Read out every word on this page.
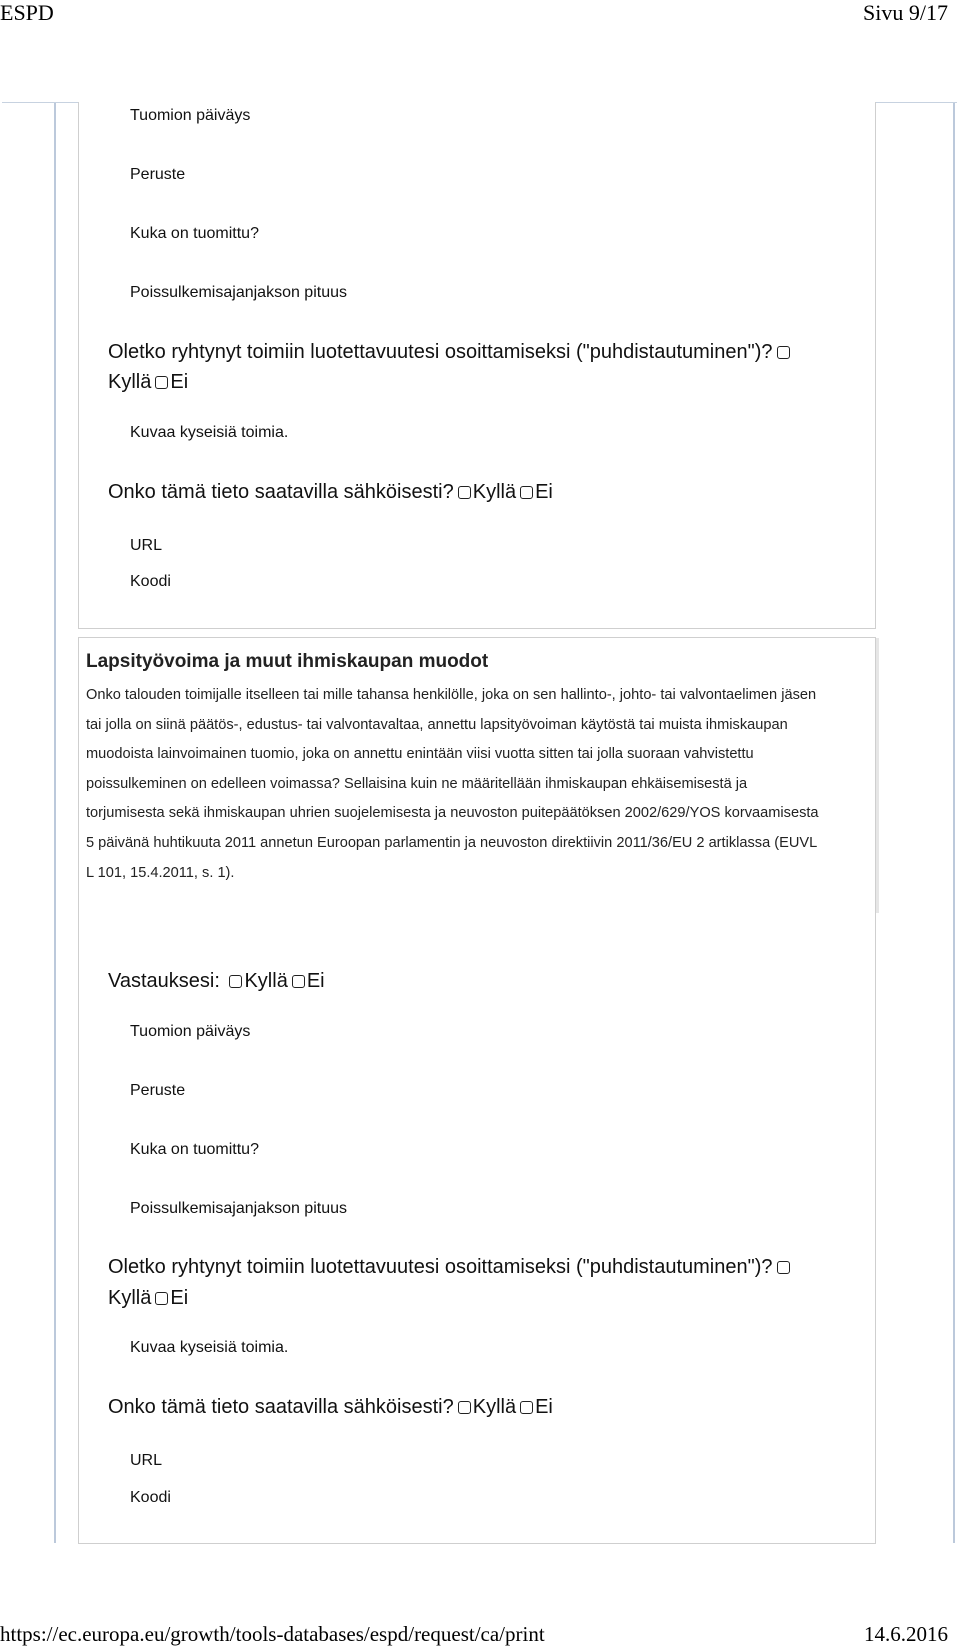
ESPD	Sivu 9/17
https://ec.europa.eu/growth/tools-databases/espd/request/ca/print	14.6.2016
Tuomion päiväys
Peruste
Kuka on tuomittu?
Poissulkemisajanjakson pituus
Oletko ryhtynyt toimiin luotettavuutesi osoittamiseksi ("puhdistautuminen")?
Kyllä Ei
Kuvaa kyseisiä toimia.
Onko tämä tieto saatavilla sähköisesti? Kyllä Ei
URL
Koodi
Lapsityövoima ja muut ihmiskaupan muodot
Onko talouden toimijalle itselleen tai mille tahansa henkilölle, joka on sen hallinto-, johto- tai valvontaelimen jäsen tai jolla on siinä päätös-, edustus- tai valvontavaltaa, annettu lapsityövoiman käytöstä tai muista ihmiskaupan muodoista lainvoimainen tuomio, joka on annettu enintään viisi vuotta sitten tai jolla suoraan vahvistettu poissulkeminen on edelleen voimassa? Sellaisina kuin ne määritellään ihmiskaupan ehkäisemisestä ja torjumisesta sekä ihmiskaupan uhrien suojelemisesta ja neuvoston puitepäätöksen 2002/629/YOS korvaamisesta 5 päivänä huhtikuuta 2011 annetun Euroopan parlamentin ja neuvoston direktiivin 2011/36/EU 2 artiklassa (EUVL L 101, 15.4.2011, s. 1).
Vastauksesi: Kyllä Ei
Tuomion päiväys
Peruste
Kuka on tuomittu?
Poissulkemisajanjakson pituus
Oletko ryhtynyt toimiin luotettavuutesi osoittamiseksi ("puhdistautuminen")?
Kyllä Ei
Kuvaa kyseisiä toimia.
Onko tämä tieto saatavilla sähköisesti? Kyllä Ei
URL
Koodi
